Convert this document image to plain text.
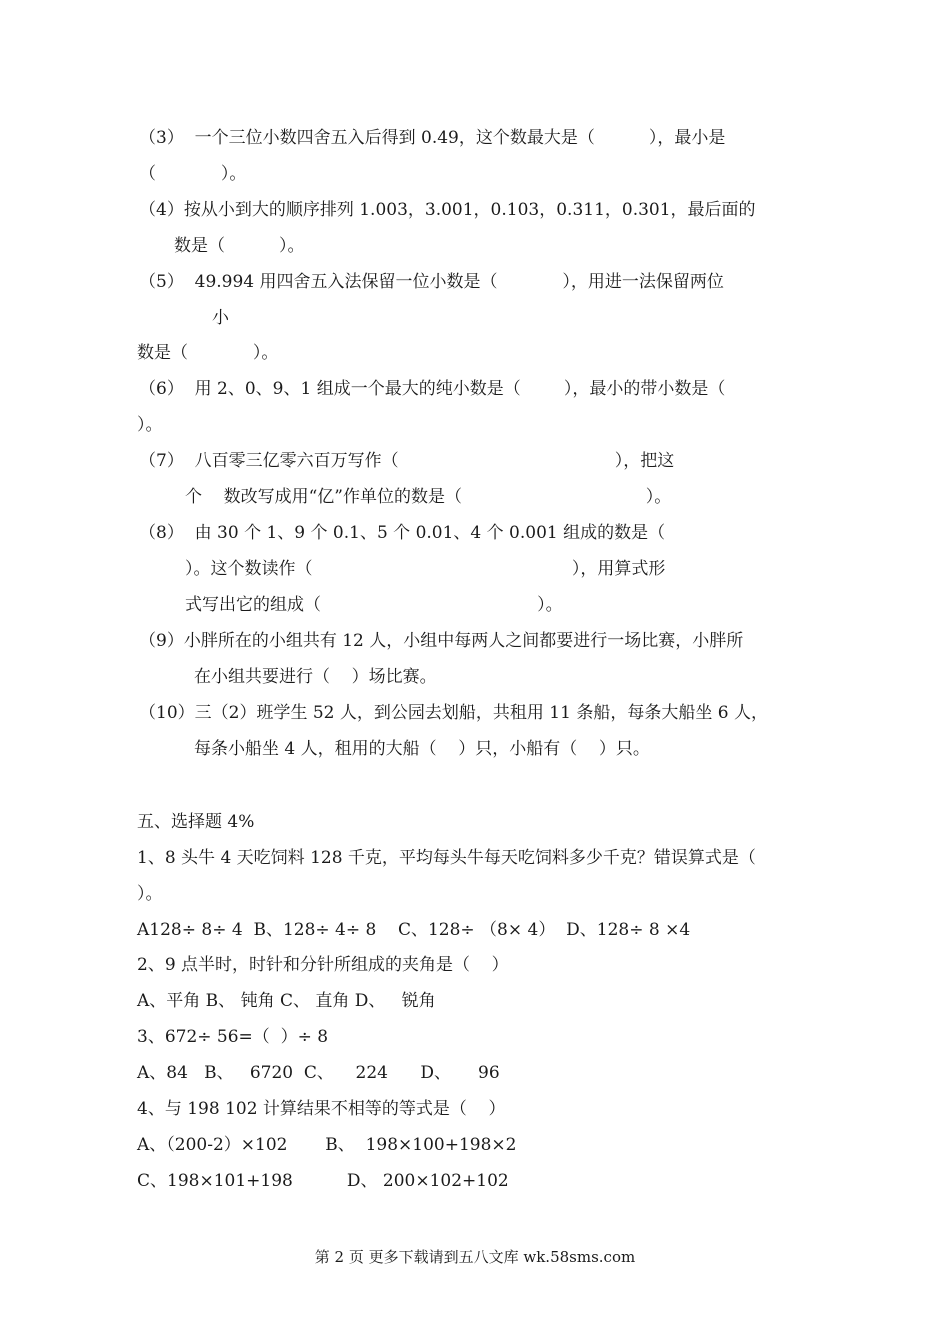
（3）  一个三位小数四舍五入后得到 0.49，这个数最大是（          ），最小是
（            ）。
（4）按从小到大的顺序排列 1.003，3.001，0.103，0.311，0.301，最后面的
数是（          ）。
（5）  49.994 用四舍五入法保留一位小数是（            ），用进一法保留两位
小
数是（            ）。
（6）  用 2、0、9、1 组成一个最大的纯小数是（        ），最小的带小数是（
）。
（7）  八百零三亿零六百万写作（                                        ），把这
个    数改写成用“亿”作单位的数是（                                  ）。
（8）  由 30 个 1、9 个 0.1、5 个 0.01、4 个 0.001 组成的数是（
）。这个数读作（                                                ），用算式形
式写出它的组成（                                        ）。
（9）小胖所在的小组共有 12 人，小组中每两人之间都要进行一场比赛，小胖所
在小组共要进行（    ）场比赛。
（10）三（2）班学生 52 人，到公园去划船，共租用 11 条船，每条大船坐 6 人，
每条小船坐 4 人，租用的大船（    ）只，小船有（    ）只。
五、选择题 4%
1、8 头牛 4 天吃饲料 128 千克，平均每头牛每天吃饲料多少千克？错误算式是（
）。
A128÷ 8÷ 4  B、128÷ 4÷ 8    C、128÷ （8× 4）  D、128÷ 8 ×4
2、9 点半时，时针和分针所组成的夹角是（    ）
A、平角 B、 钝角 C、 直角 D、   锐角
3、672÷ 56=（  ）÷ 8
A、84   B、   6720  C、    224      D、     96
4、与 198 102 计算结果不相等的等式是（    ）
A、（200-2）×102       B、  198×100+198×2
C、198×101+198          D、 200×102+102
第 2 页 更多下载请到五八文库 wk.58sms.com
